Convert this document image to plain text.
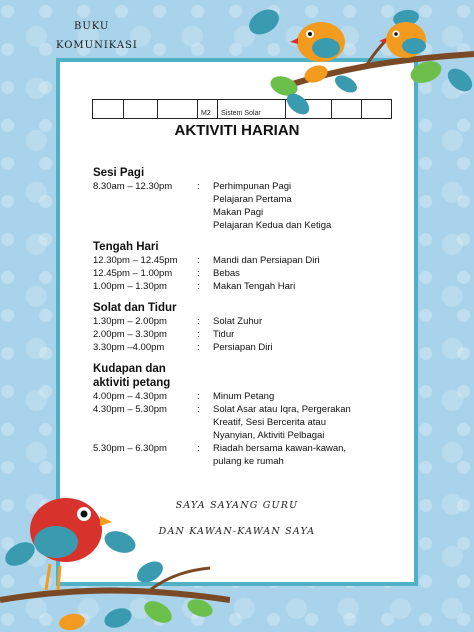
BUKU
KOMUNIKASI
M2	Sistem Solar
AKTIVITI HARIAN
Sesi Pagi
8.30am – 12.30pm	:	Perhimpunan Pagi
Pelajaran Pertama
Makan Pagi
Pelajaran Kedua dan Ketiga
Tengah Hari
12.30pm – 12.45pm	:	Mandi dan Persiapan Diri
12.45pm – 1.00pm	:	Bebas
1.00pm – 1.30pm	:	Makan Tengah Hari
Solat dan Tidur
1.30pm – 2.00pm	:	Solat Zuhur
2.00pm – 3.30pm	:	Tidur
3.30pm –4.00pm	:	Persiapan Diri
Kudapan dan
aktiviti petang
4.00pm – 4.30pm	:	Minum Petang
4.30pm – 5.30pm	:	Solat Asar atau Iqra, Pergerakan
Kreatif, Sesi Bercerita atau
Nyanyian, Aktiviti Pelbagai
5.30pm – 6.30pm	:	Riadah bersama kawan-kawan,
pulang ke rumah
SAYA SAYANG GURU
DAN KAWAN-KAWAN SAYA
